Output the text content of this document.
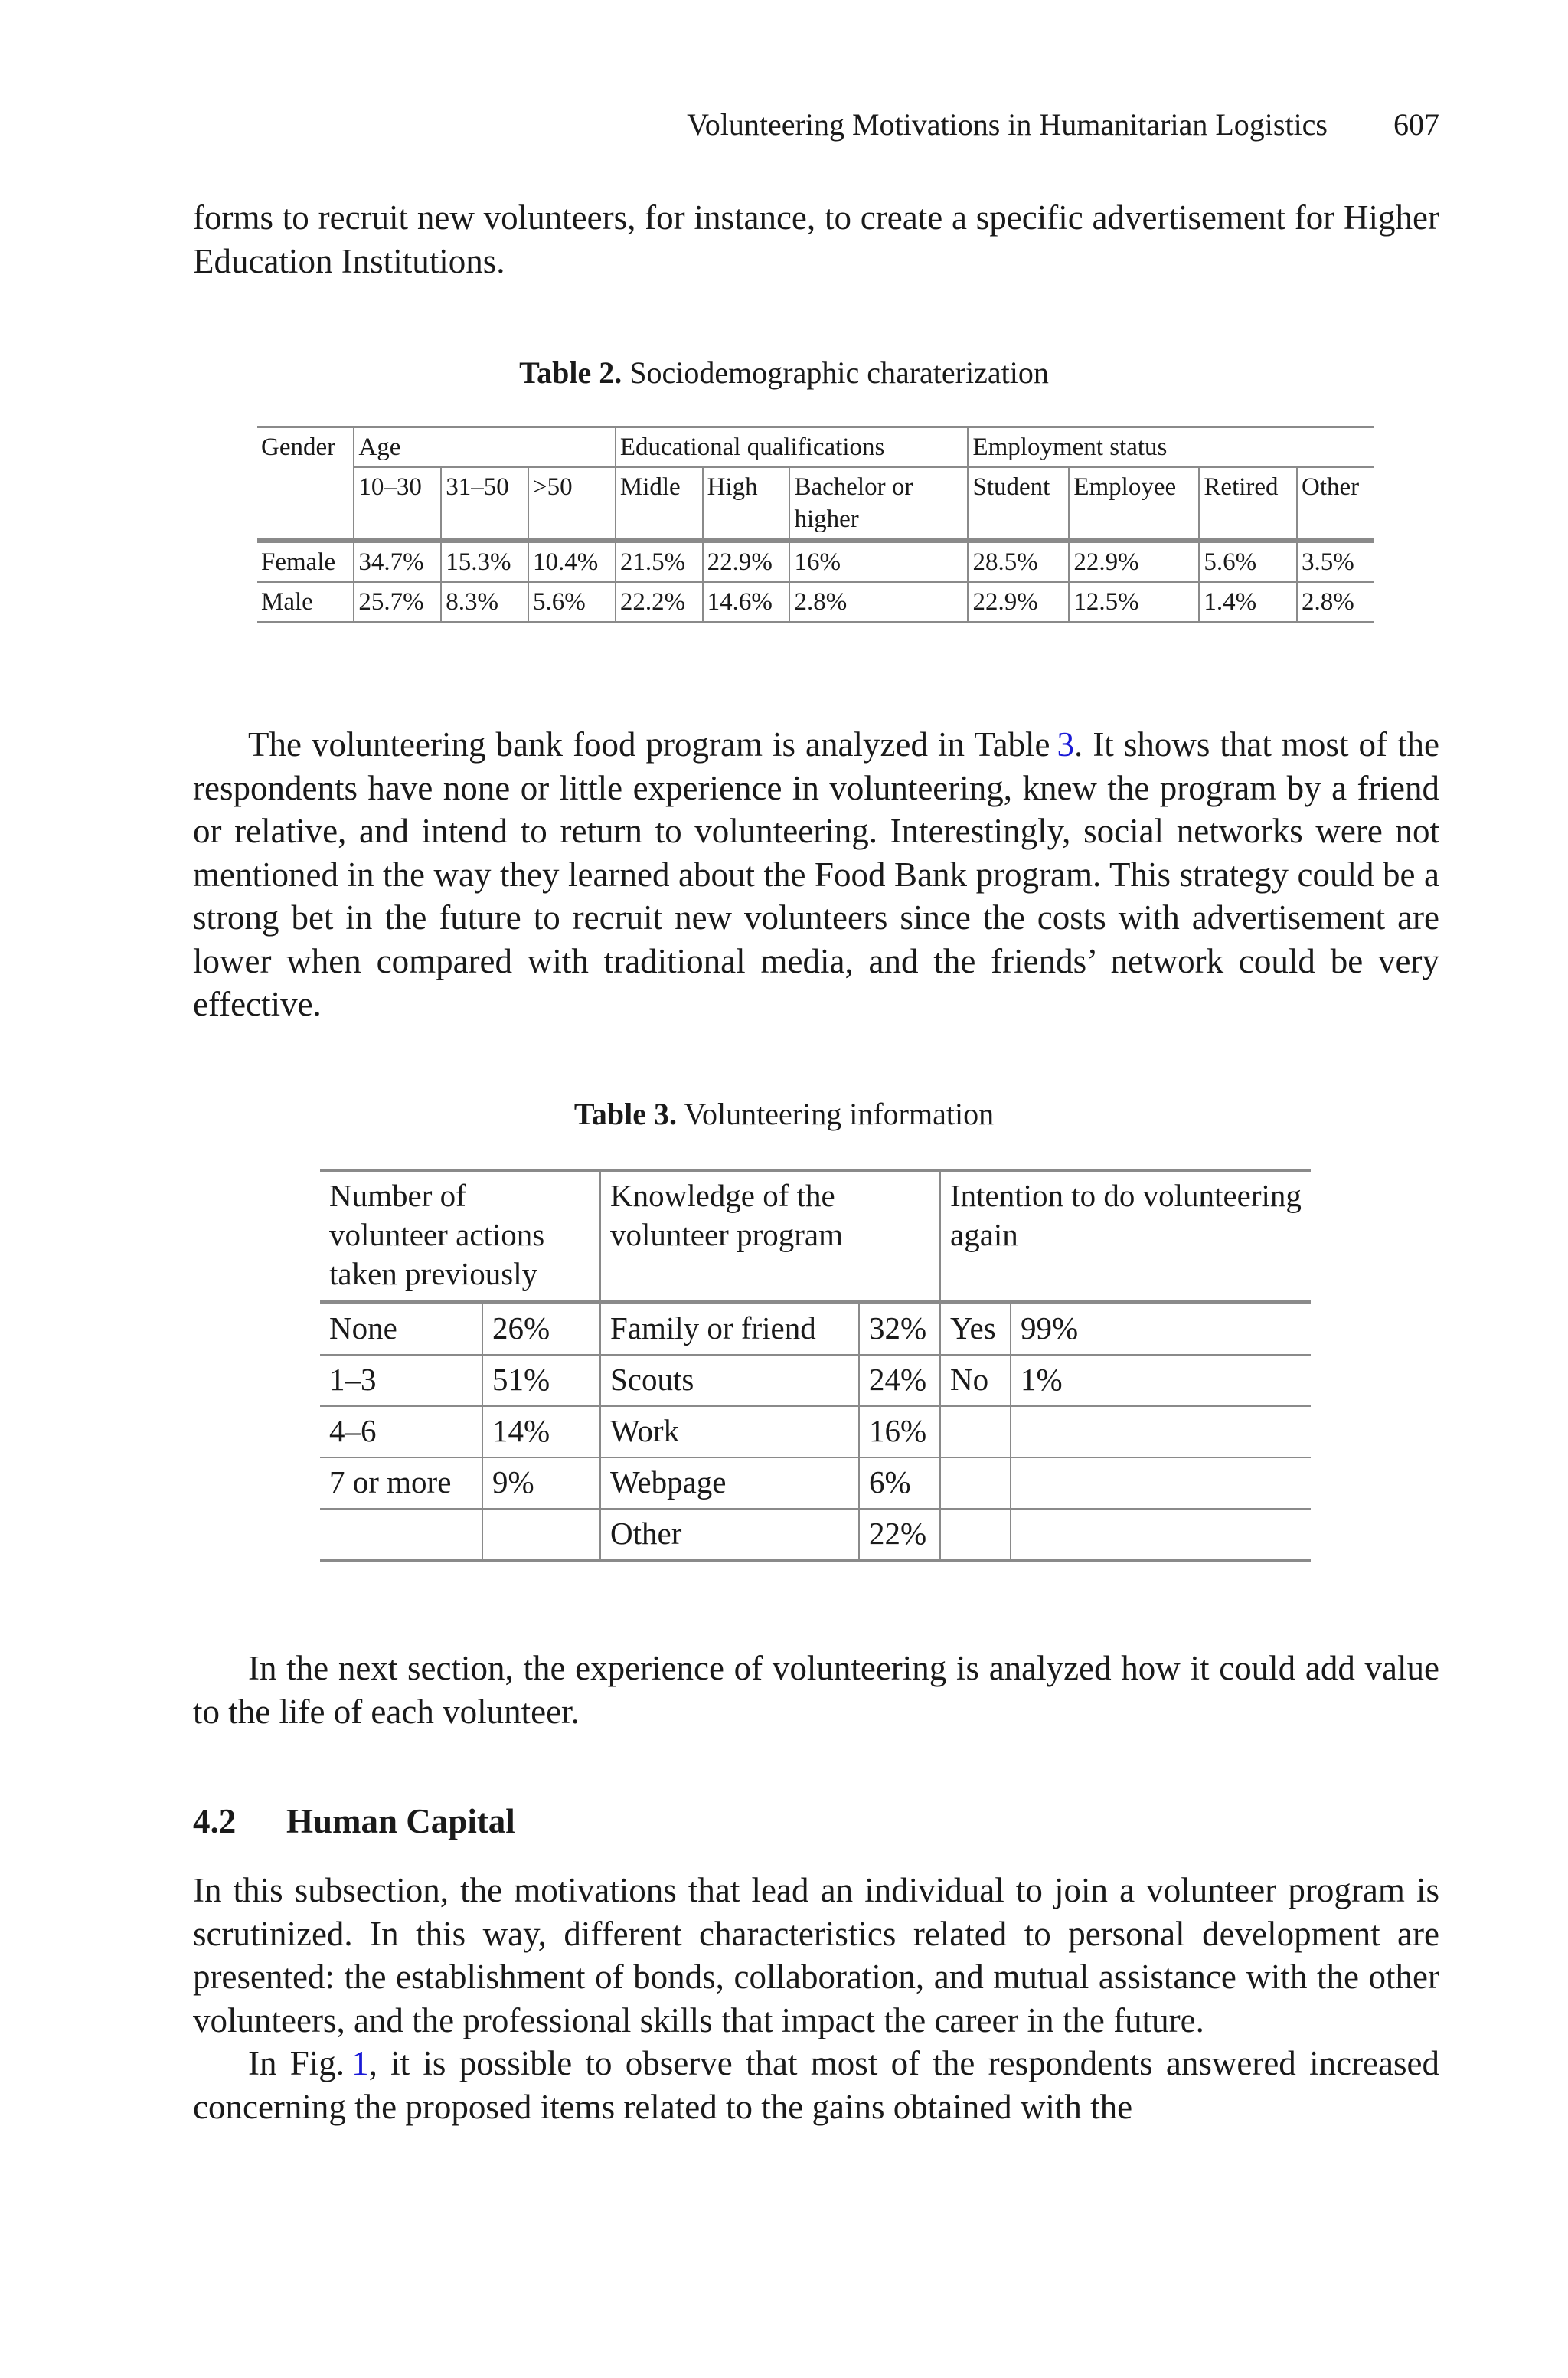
Volunteering Motivations in Humanitarian Logistics 607

forms to recruit new volunteers, for instance, to create a specific advertisement for Higher Education Institutions.

Table 2. Sociodemographic charaterization
Gender	Age			Educational qualifications			Employment status			
	10–30	31–50	>50	Midle	High	Bachelor or higher	Student	Employee	Retired	Other
Female	34.7%	15.3%	10.4%	21.5%	22.9%	16%	28.5%	22.9%	5.6%	3.5%
Male	25.7%	8.3%	5.6%	22.2%	14.6%	2.8%	22.9%	12.5%	1.4%	2.8%

The volunteering bank food program is analyzed in Table 3. It shows that most of the respondents have none or little experience in volunteering, knew the program by a friend or relative, and intend to return to volunteering. Interestingly, social networks were not mentioned in the way they learned about the Food Bank program. This strategy could be a strong bet in the future to recruit new volunteers since the costs with advertisement are lower when compared with traditional media, and the friends’ network could be very effective.

Table 3. Volunteering information
Number of volunteer actions taken previously		Knowledge of the volunteer program		Intention to do volunteering again	
None	26%	Family or friend	32%	Yes	99%
1–3	51%	Scouts	24%	No	1%
4–6	14%	Work	16%		
7 or more	9%	Webpage	6%		
		Other	22%		

In the next section, the experience of volunteering is analyzed how it could add value to the life of each volunteer.

4.2 Human Capital

In this subsection, the motivations that lead an individual to join a volunteer program is scrutinized. In this way, different characteristics related to personal development are presented: the establishment of bonds, collaboration, and mutual assistance with the other volunteers, and the professional skills that impact the career in the future.

In Fig. 1, it is possible to observe that most of the respondents answered increased concerning the proposed items related to the gains obtained with the
